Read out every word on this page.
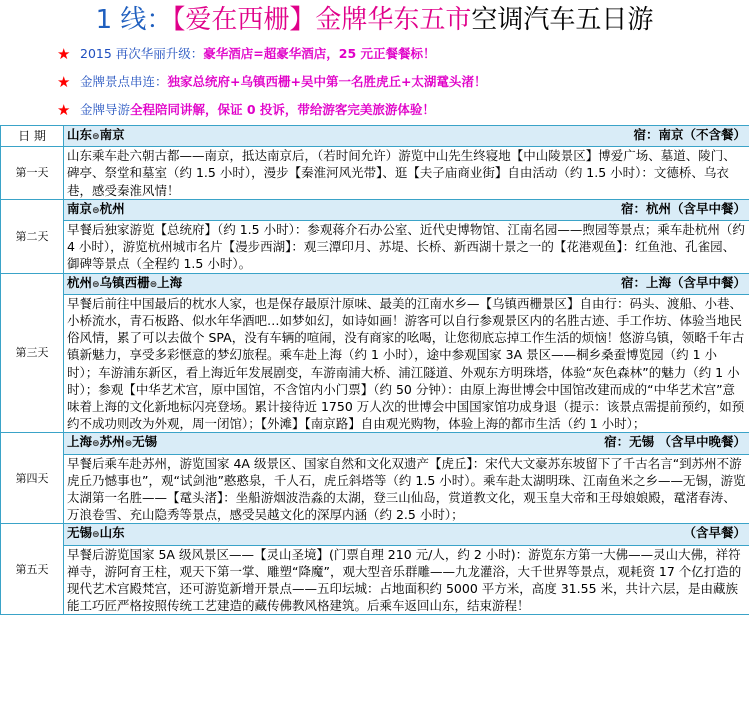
1 线：【爱在西栅】金牌华东五市空调汽车五日游
★ 2015 再次华丽升级：豪华酒店=超豪华酒店，25 元正餐餐标！
★ 金牌景点串连：独家总统府+乌镇西栅+吴中第一名胜虎丘+太湖鼋头渚！
★ 金牌导游全程陪同讲解，保证 0 投诉，带给游客完美旅游体验！
日 期	山东⊜南京 宿：南京（不含餐）

第一天	山东乘车赴六朝古都——南京，抵达南京后，（若时间允许）游览中山先生终寝地【中山陵景区】博爱广场、墓道、陵门、碑亭、祭堂和墓室（约 1.5 小时），漫步【秦淮河风光带】、逛【夫子庙商业街】自由活动（约 1.5 小时）：文德桥、乌衣巷，感受秦淮风情！
第二天	南京⊜杭州 宿：杭州（含早中餐）

	早餐后独家游览【总统府】（约 1.5 小时）：参观蒋介石办公室、近代史博物馆、江南名园——煦园等景点；乘车赴杭州（约 4 小时），游览杭州城市名片【漫步西湖】：观三潭印月、苏堤、长桥、新西湖十景之一的【花港观鱼】：红鱼池、孔雀园、御碑等景点（全程约 1.5 小时）。
第三天	杭州⊜乌镇西栅⊜上海 宿：上海（含早中餐）

	早餐后前往中国最后的枕水人家，也是保存最原汁原味、最美的江南水乡—【乌镇西栅景区】自由行：码头、渡船、小巷、小桥流水，青石板路、似水年华酒吧…如梦如幻，如诗如画！游客可以自行参观景区内的名胜古迹、手工作坊、体验当地民俗风情，累了可以去做个 SPA，没有车辆的喧闹，没有商家的吆喝，让您彻底忘掉工作生活的烦恼！悠游乌镇，领略千年古镇新魅力，享受多彩惬意的梦幻旅程。乘车赴上海（约 1 小时），途中参观国家 3A 景区——桐乡桑蚕博览园（约 1 小时）；车游浦东新区，看上海近年发展剧变，车游南浦大桥、浦江隧道、外观东方明珠塔，体验“灰色森林”的魅力（约 1 小时）；参观【中华艺术宫，原中国馆，不含馆内小门票】（约 50 分钟）：由原上海世博会中国馆改建而成的“中华艺术宫”意味着上海的文化新地标闪亮登场。累计接待近 1750 万人次的世博会中国国家馆功成身退（提示：该景点需提前预约，如预约不成功则改为外观，周一闭馆）；【外滩】【南京路】自由观光购物，体验上海的都市生活（约 1 小时）；
第四天	上海⊜苏州⊜无锡 宿：无锡 （含早中晚餐）

	早餐后乘车赴苏州，游览国家 4A 级景区、国家自然和文化双遗产【虎丘】：宋代大文豪苏东坡留下了千古名言“到苏州不游虎丘乃憾事也”，观“试剑池”憨憨泉，千人石，虎丘斜塔等（约 1.5 小时）。乘车赴太湖明珠、江南鱼米之乡——无锡，游览太湖第一名胜——【鼋头渚】：坐船游烟波浩淼的太湖，登三山仙岛，赏道教文化，观玉皇大帝和王母娘娘殿，鼋渚春涛、万浪卷雪、充山隐秀等景点，感受吴越文化的深厚内涵（约 2.5 小时）；
第五天	无锡⊜山东 （含早餐）

	早餐后游览国家 5A 级风景区——【灵山圣境】(门票自理 210 元/人，约 2 小时)：游览东方第一大佛——灵山大佛，祥符禅寺，游阿育王柱，观天下第一掌、雕塑“降魔”，观大型音乐群雕——九龙灌浴，大千世界等景点，观耗资 17 个亿打造的现代艺术宫殿梵宫，还可游览新增开景点——五印坛城：占地面积约 5000 平方米，高度 31.55 米，共计六层，是由藏族能工巧匠严格按照传统工艺建造的藏传佛教风格建筑。后乘车返回山东，结束游程！
